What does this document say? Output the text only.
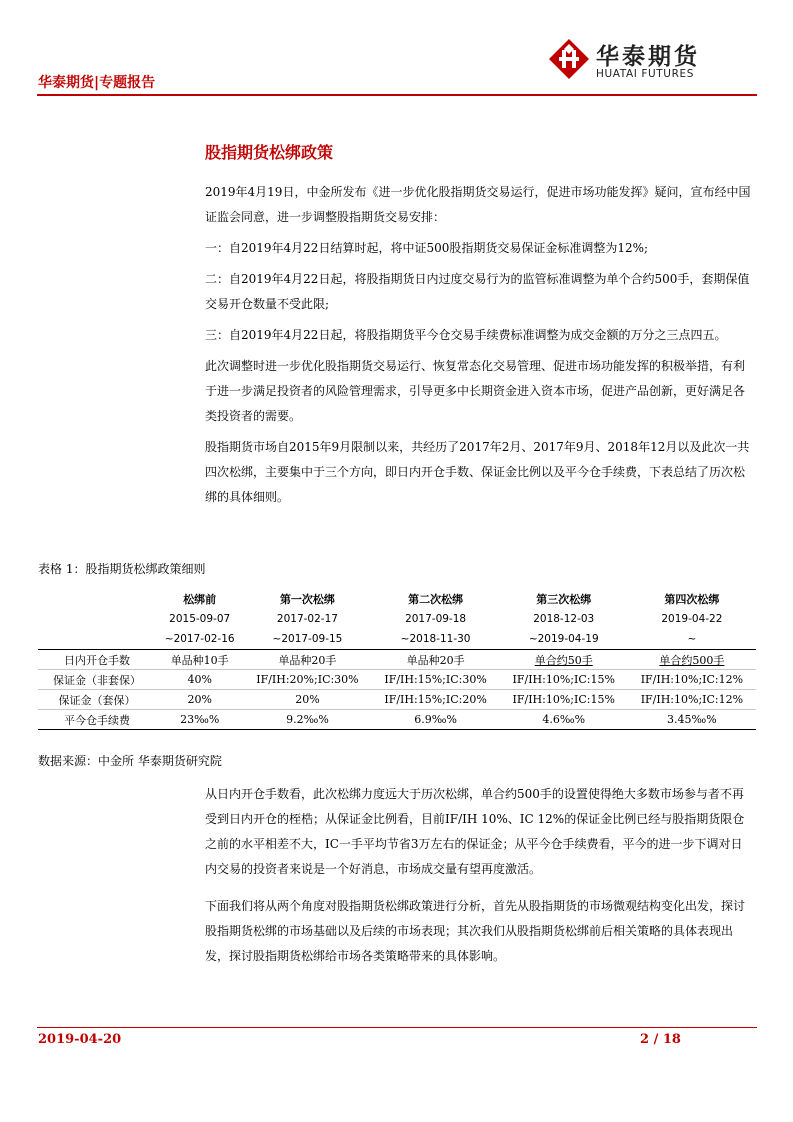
华泰期货|专题报告
华泰期货
HUATAI FUTURES
股指期货松绑政策

2019年4月19日，中金所发布《进一步优化股指期货交易运行，促进市场功能发挥》疑问，宣布经中国证监会同意，进一步调整股指期货交易安排：

一：自2019年4月22日结算时起，将中证500股指期货交易保证金标准调整为12%;

二：自2019年4月22日起，将股指期货日内过度交易行为的监管标准调整为单个合约500手，套期保值交易开仓数量不受此限;

三：自2019年4月22日起，将股指期货平今仓交易手续费标准调整为成交金额的万分之三点四五。

此次调整时进一步优化股指期货交易运行、恢复常态化交易管理、促进市场功能发挥的积极举措，有利于进一步满足投资者的风险管理需求，引导更多中长期资金进入资本市场，促进产品创新，更好满足各类投资者的需要。

股指期货市场自2015年9月限制以来，共经历了2017年2月、2017年9月、2018年12月以及此次一共四次松绑，主要集中于三个方向，即日内开仓手数、保证金比例以及平今仓手续费，下表总结了历次松绑的具体细则。

表格 1：股指期货松绑政策细则
	松绑前	第一次松绑	第二次松绑	第三次松绑	第四次松绑
	2015-09-07	2017-02-17	2017-09-18	2018-12-03	2019-04-22
	~2017-02-16	~2017-09-15	~2018-11-30	~2019-04-19	~
日内开仓手数	单品种10手	单品种20手	单品种20手	单合约50手	单合约500手
保证金（非套保）	40%	IF/IH:20%;IC:30%	IF/IH:15%;IC:30%	IF/IH:10%;IC:15%	IF/IH:10%;IC:12%
保证金（套保）	20%	20%	IF/IH:15%;IC:20%	IF/IH:10%;IC:15%	IF/IH:10%;IC:12%
平今仓手续费	23‰%	9.2‰%	6.9‰%	4.6‰%	3.45‰%
数据来源：中金所 华泰期货研究院

从日内开仓手数看，此次松绑力度远大于历次松绑，单合约500手的设置使得绝大多数市场参与者不再受到日内开仓的桎梏；从保证金比例看，目前IF/IH 10%、IC 12%的保证金比例已经与股指期货限仓之前的水平相差不大，IC一手平均节省3万左右的保证金；从平今仓手续费看，平今的进一步下调对日内交易的投资者来说是一个好消息，市场成交量有望再度激活。

下面我们将从两个角度对股指期货松绑政策进行分析，首先从股指期货的市场微观结构变化出发，探讨股指期货松绑的市场基础以及后续的市场表现；其次我们从股指期货松绑前后相关策略的具体表现出发，探讨股指期货松绑给市场各类策略带来的具体影响。

2019-04-20	2 / 18
